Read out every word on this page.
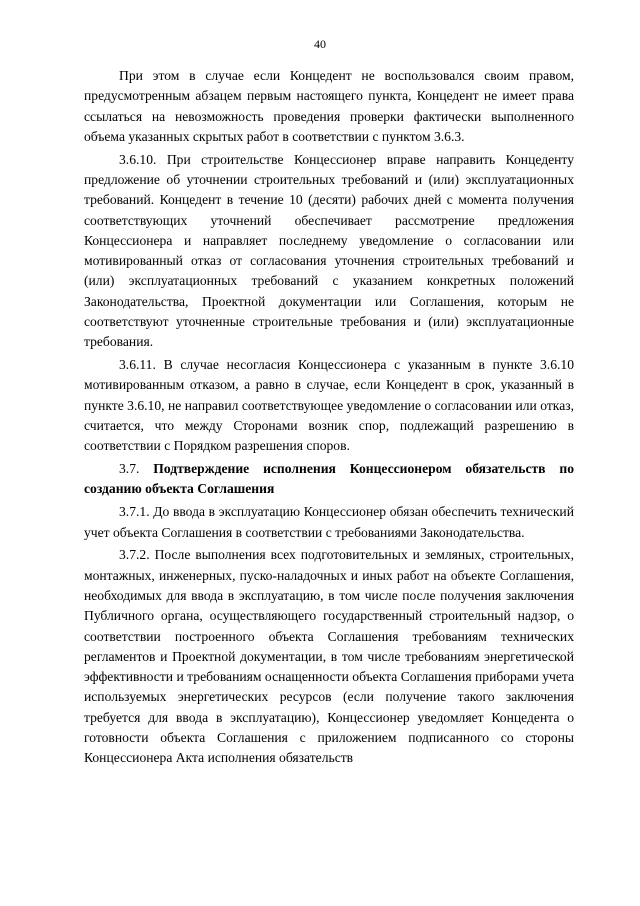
40

При этом в случае если Концедент не воспользовался своим правом, предусмотренным абзацем первым настоящего пункта, Концедент не имеет права ссылаться на невозможность проведения проверки фактически выполненного объема указанных скрытых работ в соответствии с пунктом 3.6.3.

3.6.10. При строительстве Концессионер вправе направить Концеденту предложение об уточнении строительных требований и (или) эксплуатационных требований. Концедент в течение 10 (десяти) рабочих дней с момента получения соответствующих уточнений обеспечивает рассмотрение предложения Концессионера и направляет последнему уведомление о согласовании или мотивированный отказ от согласования уточнения строительных требований и (или) эксплуатационных требований с указанием конкретных положений Законодательства, Проектной документации или Соглашения, которым не соответствуют уточненные строительные требования и (или) эксплуатационные требования.

3.6.11. В случае несогласия Концессионера с указанным в пункте 3.6.10 мотивированным отказом, а равно в случае, если Концедент в срок, указанный в пункте 3.6.10, не направил соответствующее уведомление о согласовании или отказ, считается, что между Сторонами возник спор, подлежащий разрешению в соответствии с Порядком разрешения споров.

3.7. Подтверждение исполнения Концессионером обязательств по созданию объекта Соглашения

3.7.1. До ввода в эксплуатацию Концессионер обязан обеспечить технический учет объекта Соглашения в соответствии с требованиями Законодательства.

3.7.2. После выполнения всех подготовительных и земляных, строительных, монтажных, инженерных, пуско-наладочных и иных работ на объекте Соглашения, необходимых для ввода в эксплуатацию, в том числе после получения заключения Публичного органа, осуществляющего государственный строительный надзор, о соответствии построенного объекта Соглашения требованиям технических регламентов и Проектной документации, в том числе требованиям энергетической эффективности и требованиям оснащенности объекта Соглашения приборами учета используемых энергетических ресурсов (если получение такого заключения требуется для ввода в эксплуатацию), Концессионер уведомляет Концедента о готовности объекта Соглашения с приложением подписанного со стороны Концессионера Акта исполнения обязательств
